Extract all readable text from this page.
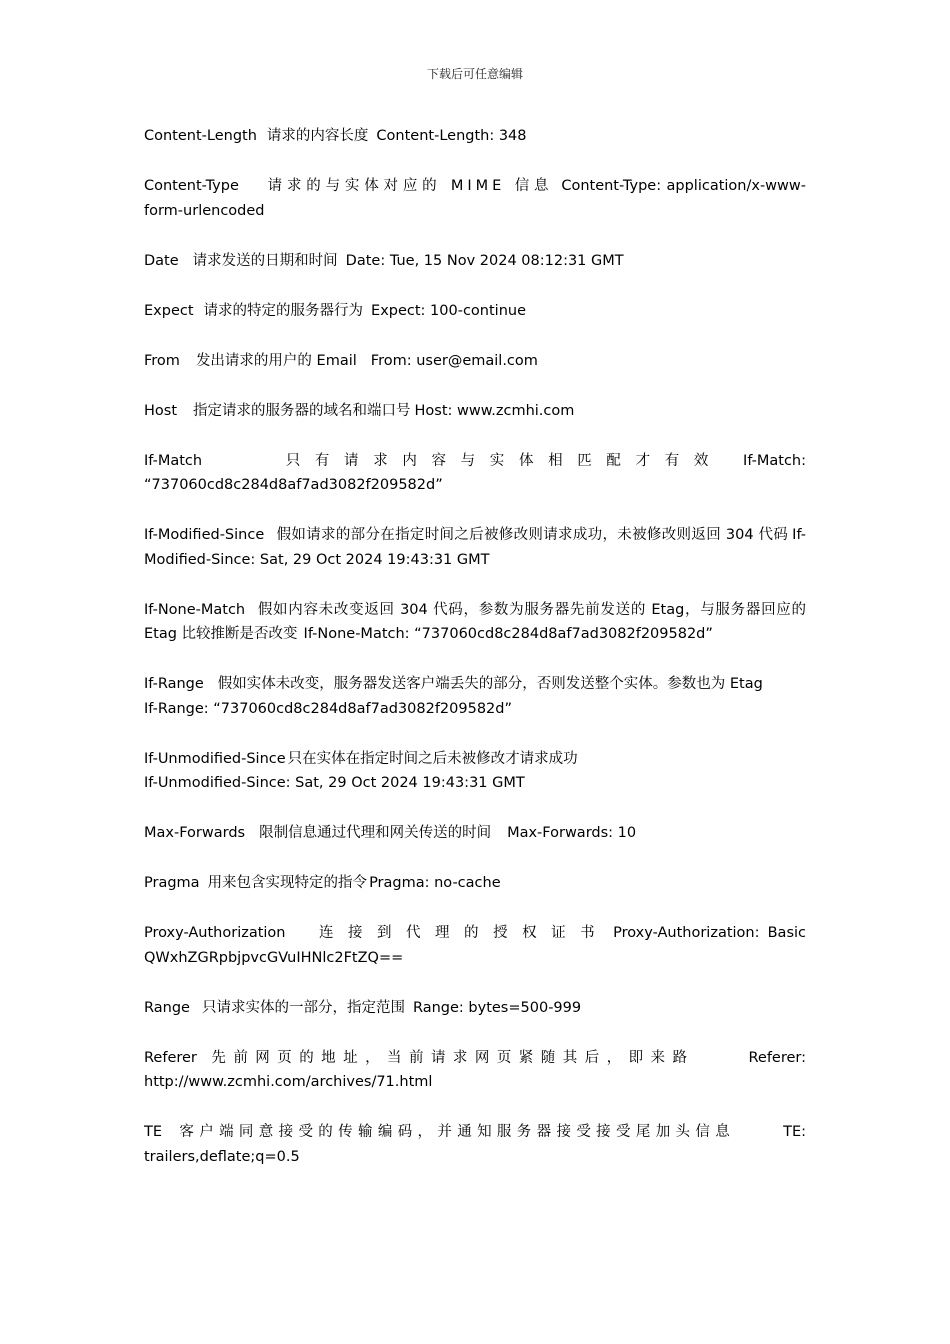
下载后可任意编辑

Content-Length 请求的内容长度 Content-Length: 348

Content-Type 请求的与实体对应的 MIME 信息 Content-Type: application/x-www-form-urlencoded

Date 请求发送的日期和时间 Date: Tue, 15 Nov 2024 08:12:31 GMT

Expect 请求的特定的服务器行为 Expect: 100-continue

From 发出请求的用户的 Email From: user@email.com

Host 指定请求的服务器的域名和端口号 Host: www.zcmhi.com

If-Match	只有请求内容与实体相匹配才有效 If-Match: “737060cd8c284d8af7ad3082f209582d”

If-Modified-Since 假如请求的部分在指定时间之后被修改则请求成功，未被修改则返回 304 代码 If-Modified-Since: Sat, 29 Oct 2024 19:43:31 GMT

If-None-Match 假如内容未改变返回 304 代码，参数为服务器先前发送的 Etag，与服务器回应的 Etag 比较推断是否改变 If-None-Match: “737060cd8c284d8af7ad3082f209582d”

If-Range 假如实体未改变，服务器发送客户端丢失的部分，否则发送整个实体。参数也为 Etag
If-Range: “737060cd8c284d8af7ad3082f209582d”

If-Unmodified-Since 只在实体在指定时间之后未被修改才请求成功
If-Unmodified-Since: Sat, 29 Oct 2024 19:43:31 GMT

Max-Forwards 限制信息通过代理和网关传送的时间 Max-Forwards: 10

Pragma 用来包含实现特定的指令 Pragma: no-cache

Proxy-Authorization 连接到代理的授权证书 Proxy-Authorization: Basic QWxhZGRpbjpvcGVuIHNlc2FtZQ==

Range 只请求实体的一部分，指定范围 Range: bytes=500-999

Referer 先前网页的地址，当前请求网页紧随其后，即来路	Referer: http://www.zcmhi.com/archives/71.html

TE 客户端同意接受的传输编码，并通知服务器接受接受尾加头信息	TE: trailers,deflate;q=0.5
